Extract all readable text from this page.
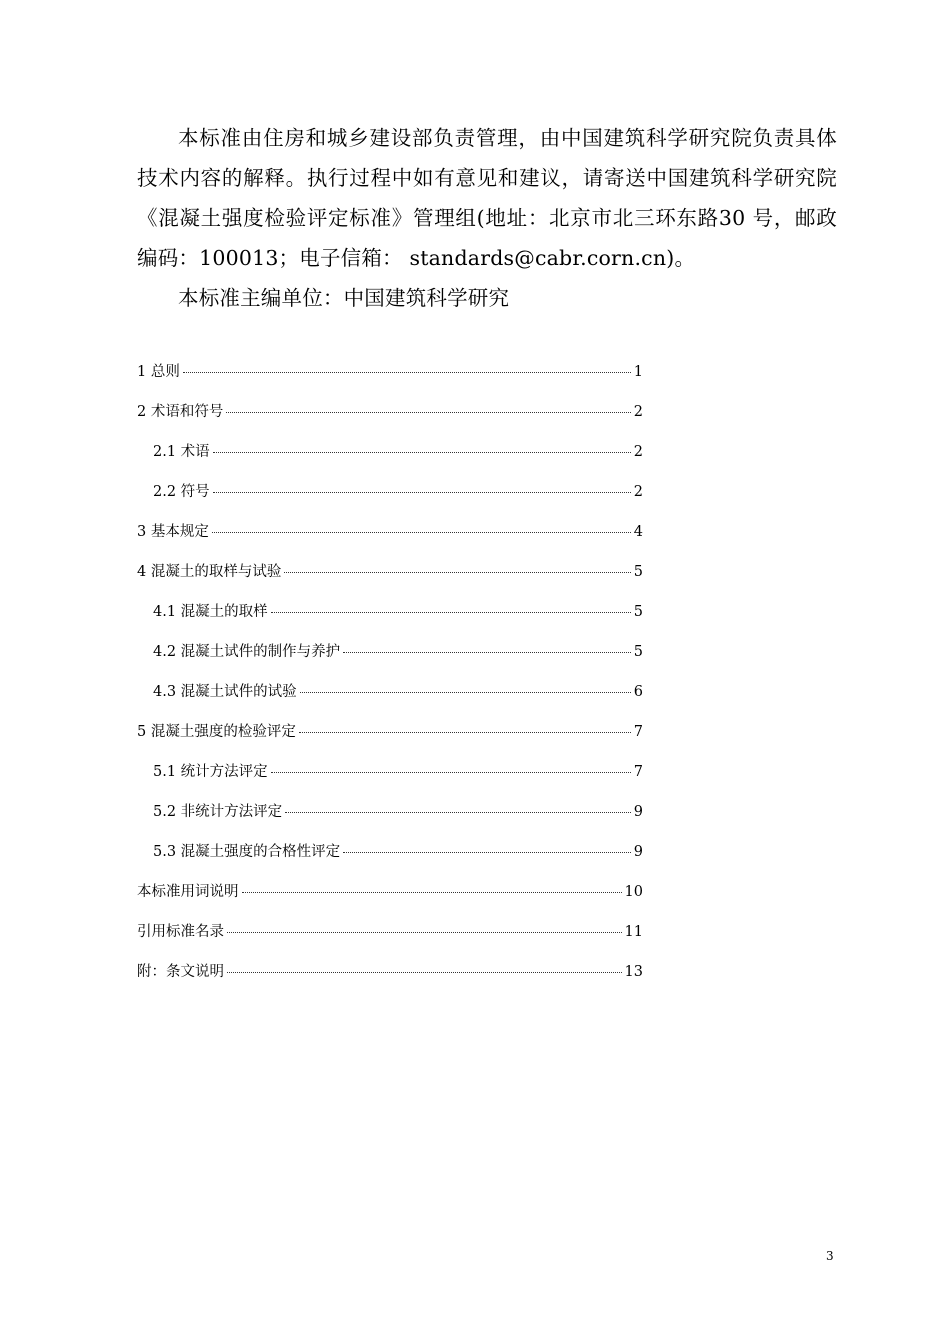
本标准由住房和城乡建设部负责管理，由中国建筑科学研究院负责具体技术内容的解释。执行过程中如有意见和建议，请寄送中国建筑科学研究院《混凝土强度检验评定标准》管理组(地址：北京市北三环东路30 号，邮政编码：100013；电子信箱： standards@cabr.corn.cn)。

本标准主编单位：中国建筑科学研究

1 总则	1
2 术语和符号	2
2.1 术语	2
2.2 符号	2
3 基本规定	4
4 混凝土的取样与试验	5
4.1 混凝土的取样	5
4.2 混凝土试件的制作与养护	5
4.3 混凝土试件的试验	6
5 混凝土强度的检验评定	7
5.1 统计方法评定	7
5.2 非统计方法评定	9
5.3 混凝土强度的合格性评定	9
本标准用词说明	10
引用标准名录	11
附：条文说明	13
3
